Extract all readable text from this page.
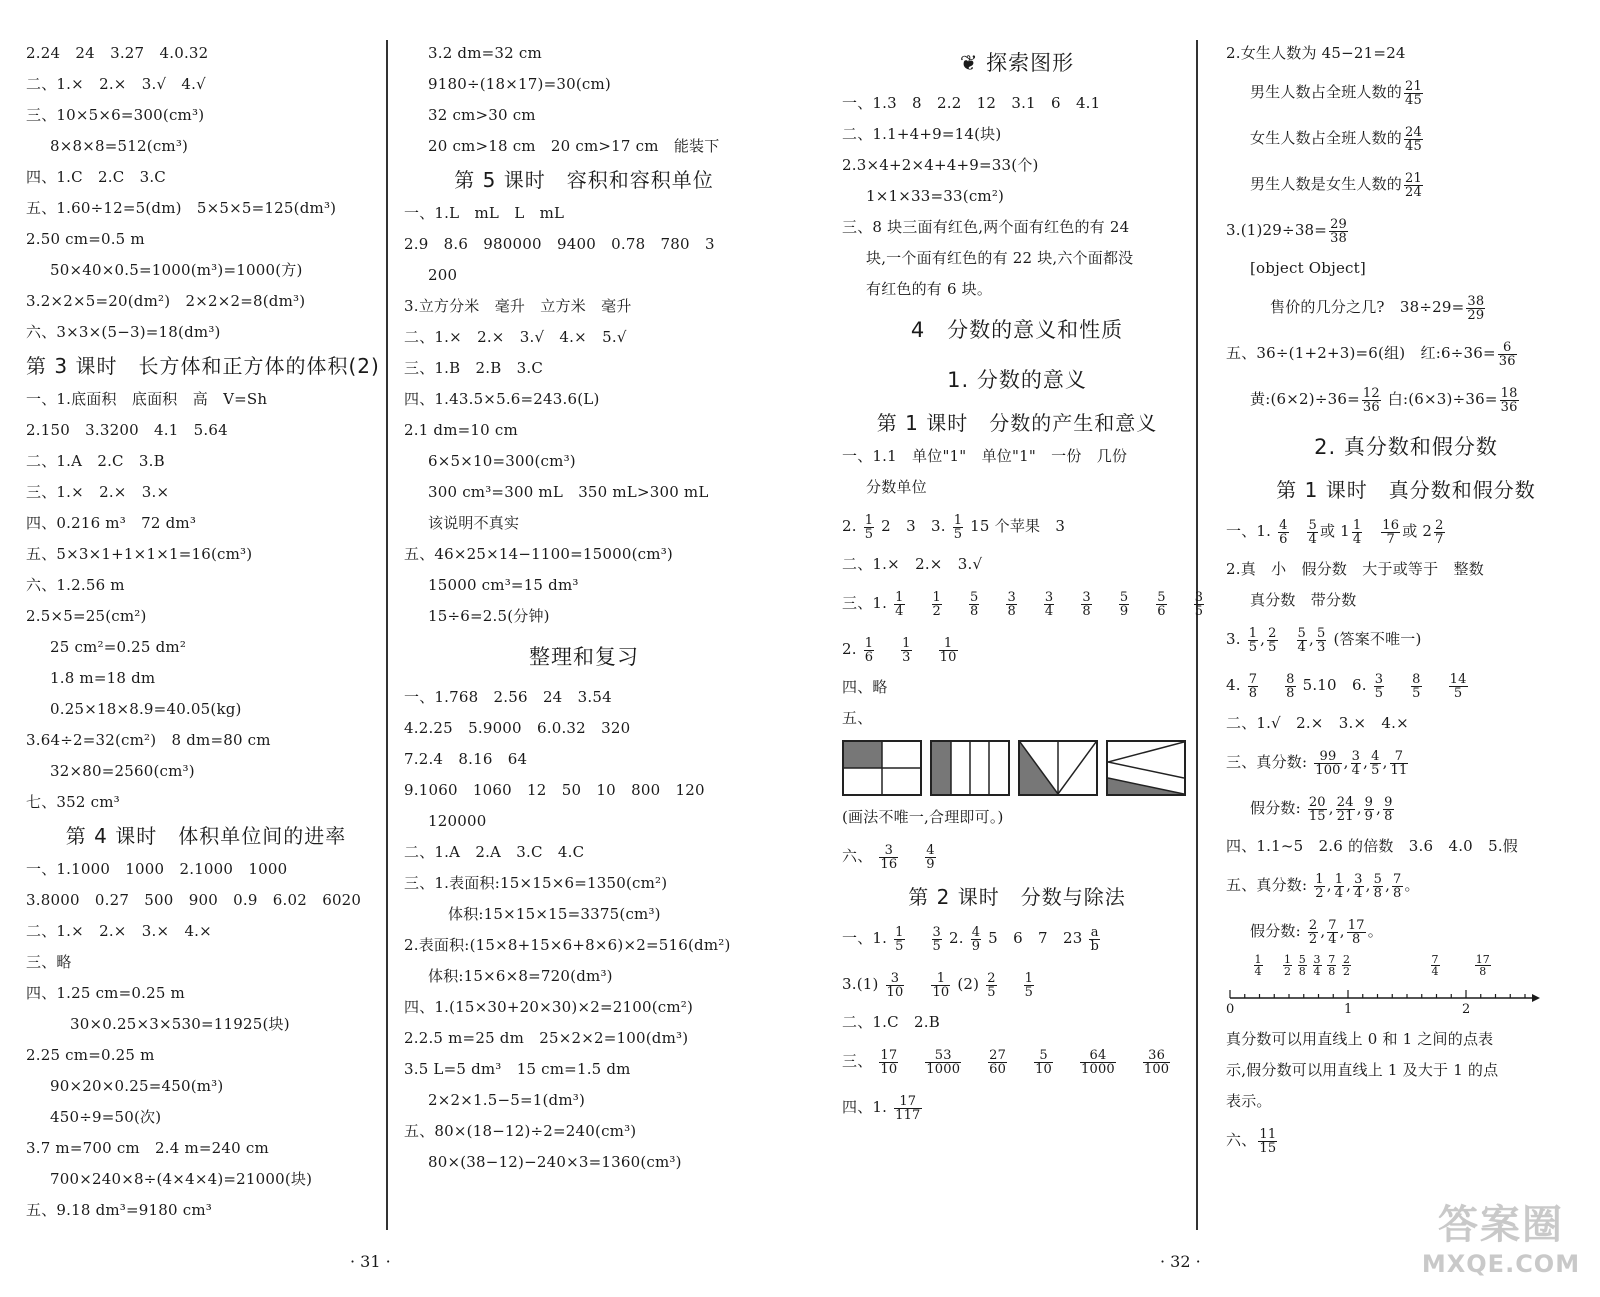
2.24　24　3.27　4.0.32
二、1.×　2.×　3.√　4.√
三、10×5×6=300(cm³)
8×8×8=512(cm³)
四、1.C　2.C　3.C
五、1.60÷12=5(dm)　5×5×5=125(dm³)
2.50 cm=0.5 m
50×40×0.5=1000(m³)=1000(方)
3.2×2×5=20(dm²)　2×2×2=8(dm³)
六、3×3×(5−3)=18(dm³)
第 3 课时　长方体和正方体的体积(2)
一、1.底面积　底面积　高　V=Sh
2.150　3.3200　4.1　5.64
二、1.A　2.C　3.B
三、1.×　2.×　3.×
四、0.216 m³　72 dm³
五、5×3×1+1×1×1=16(cm³)
六、1.2.56 m
2.5×5=25(cm²)
25 cm²=0.25 dm²
1.8 m=18 dm
0.25×18×8.9=40.05(kg)
3.64÷2=32(cm²)　8 dm=80 cm
32×80=2560(cm³)
七、352 cm³
第 4 课时　体积单位间的进率
一、1.1000　1000　2.1000　1000
3.8000　0.27　500　900　0.9　6.02　6020
二、1.×　2.×　3.×　4.×
三、略
四、1.25 cm=0.25 m
30×0.25×3×530=11925(块)
2.25 cm=0.25 m
90×20×0.25=450(m³)
450÷9=50(次)
3.7 m=700 cm　2.4 m=240 cm
700×240×8÷(4×4×4)=21000(块)
五、9.18 dm³=9180 cm³
3.2 dm=32 cm
9180÷(18×17)=30(cm)
32 cm>30 cm
20 cm>18 cm　20 cm>17 cm　能装下
第 5 课时　容积和容积单位
一、1.L　mL　L　mL
2.9　8.6　980000　9400　0.78　780　3
200
3.立方分米　毫升　立方米　毫升
二、1.×　2.×　3.√　4.×　5.√
三、1.B　2.B　3.C
四、1.43.5×5.6=243.6(L)
2.1 dm=10 cm
6×5×10=300(cm³)
300 cm³=300 mL　350 mL>300 mL
该说明不真实
五、46×25×14−1100=15000(cm³)
15000 cm³=15 dm³
15÷6=2.5(分钟)
整理和复习
一、1.768　2.56　24　3.54
4.2.25　5.9000　6.0.32　320
7.2.4　8.16　64
9.1060　1060　12　50　10　800　120
120000
二、1.A　2.A　3.C　4.C
三、1.表面积:15×15×6=1350(cm²)
体积:15×15×15=3375(cm³)
2.表面积:(15×8+15×6+8×6)×2=516(dm²)
体积:15×6×8=720(dm³)
四、1.(15×30+20×30)×2=2100(cm²)
2.2.5 m=25 dm　25×2×2=100(dm³)
3.5 L=5 dm³　15 cm=1.5 dm
2×2×1.5−5=1(dm³)
五、80×(18−12)÷2=240(cm³)
80×(38−12)−240×3=1360(cm³)
❦ 探索图形
一、1.3　8　2.2　12　3.1　6　4.1
二、1.1+4+9=14(块)
2.3×4+2×4+4+9=33(个)
1×1×33=33(cm²)
三、8 块三面有红色,两个面有红色的有 24
块,一个面有红色的有 22 块,六个面都没
有红色的有 6 块。
4　分数的意义和性质
1. 分数的意义
第 1 课时　分数的产生和意义
一、1.1　单位"1"　单位"1"　一份　几份
分数单位
2. $\frac{1}{5} 2$　3　3. $\frac{1}{5} 15$ 个苹果　3
二、1.×　2.×　3.√
三、1. $\frac{1}{4}$
$\frac{1}{2}$
$\frac{5}{8}$
$\frac{3}{8}$
$\frac{3}{4}$
$\frac{3}{8}$
$\frac{5}{9}$
$\frac{5}{6}$
$\frac{3}{5}$
2. $\frac{1}{6}$
$\frac{1}{3}$
$\frac{1}{10}$
四、略
五、
(画法不唯一,合理即可。)
六、 $\frac{3}{16}$
$\frac{4}{9}$
第 2 课时　分数与除法
一、1. $\frac{1}{5}$
$\frac{3}{5} 2$. $\frac{4}{9} 5$　6　7　$23 \frac{a}{b}$
$3.(1) \frac{3}{10}$
$\frac{1}{10} (2) \frac{2}{5}$
$\frac{1}{5}$
二、1.C　2.B
三、 $\frac{17}{10}$
$\frac{53}{1000}$
$\frac{27}{60}$
$\frac{5}{10}$
$\frac{64}{1000}$
$\frac{36}{100}$
四、1. $\frac{17}{117}$
2.女生人数为 45−21=24
男生人数占全班人数的 $\frac{21}{45}$
女生人数占全班人数的 $\frac{24}{45}$
男生人数是女生人数的 $\frac{21}{24}$
$3.(1)29\div 38= \frac{29}{38}$
[object Object]
售价的几分之几?　$38\div 29= \frac{38}{29}$
五、36÷(1+2+3)=6(组)　红:6÷36= $\frac{6}{36}$
黄:(6×2)÷36= $\frac{12}{36}$ 白:(6×3)÷36= $\frac{18}{36}$
2. 真分数和假分数
第 1 课时　真分数和假分数
一、1. $\frac{4}{6}$
$\frac{5}{4}$ 或 $1 \frac{1}{4}$
$\frac{16}{7}$ 或 $2 \frac{2}{7}$
2.真　小　假分数　大于或等于　整数
真分数　带分数
3. $\frac{1}{5}$ , $\frac{2}{5}$
$\frac{5}{4}$ , $\frac{5}{3}$ (答案不唯一)
4. $\frac{7}{8}$
$\frac{8}{8} 5.10$　6. $\frac{3}{5}$
$\frac{8}{5}$
$\frac{14}{5}$
二、1.√　2.×　3.×　4.×
三、真分数: $\frac{99}{100}$ , $\frac{3}{4}$ , $\frac{4}{5}$ , $\frac{7}{11}$
假分数: $\frac{20}{15}$ , $\frac{24}{21}$ , $\frac{9}{9}$ , $\frac{9}{8}$
四、1.1~5　2.6 的倍数　3.6　4.0　5.假
五、真分数: $\frac{1}{2}$ , $\frac{1}{4}$ , $\frac{3}{4}$ , $\frac{5}{8}$ , $\frac{7}{8}$ 。
假分数: $\frac{2}{2}$ , $\frac{7}{4}$ , $\frac{17}{8}$ 。
0	1	2
$\frac{1}{4} \frac{1}{2} \frac{5}{8} \frac{3}{4} \frac{7}{8} \frac{2}{2}$	$\frac{7}{4}$	$\frac{17}{8}$
真分数可以用直线上 0 和 1 之间的点表
示,假分数可以用直线上 1 及大于 1 的点
表示。
六、 $\frac{11}{15}$
· 31 ·	· 32 ·
答案圈
MXQE.COM
